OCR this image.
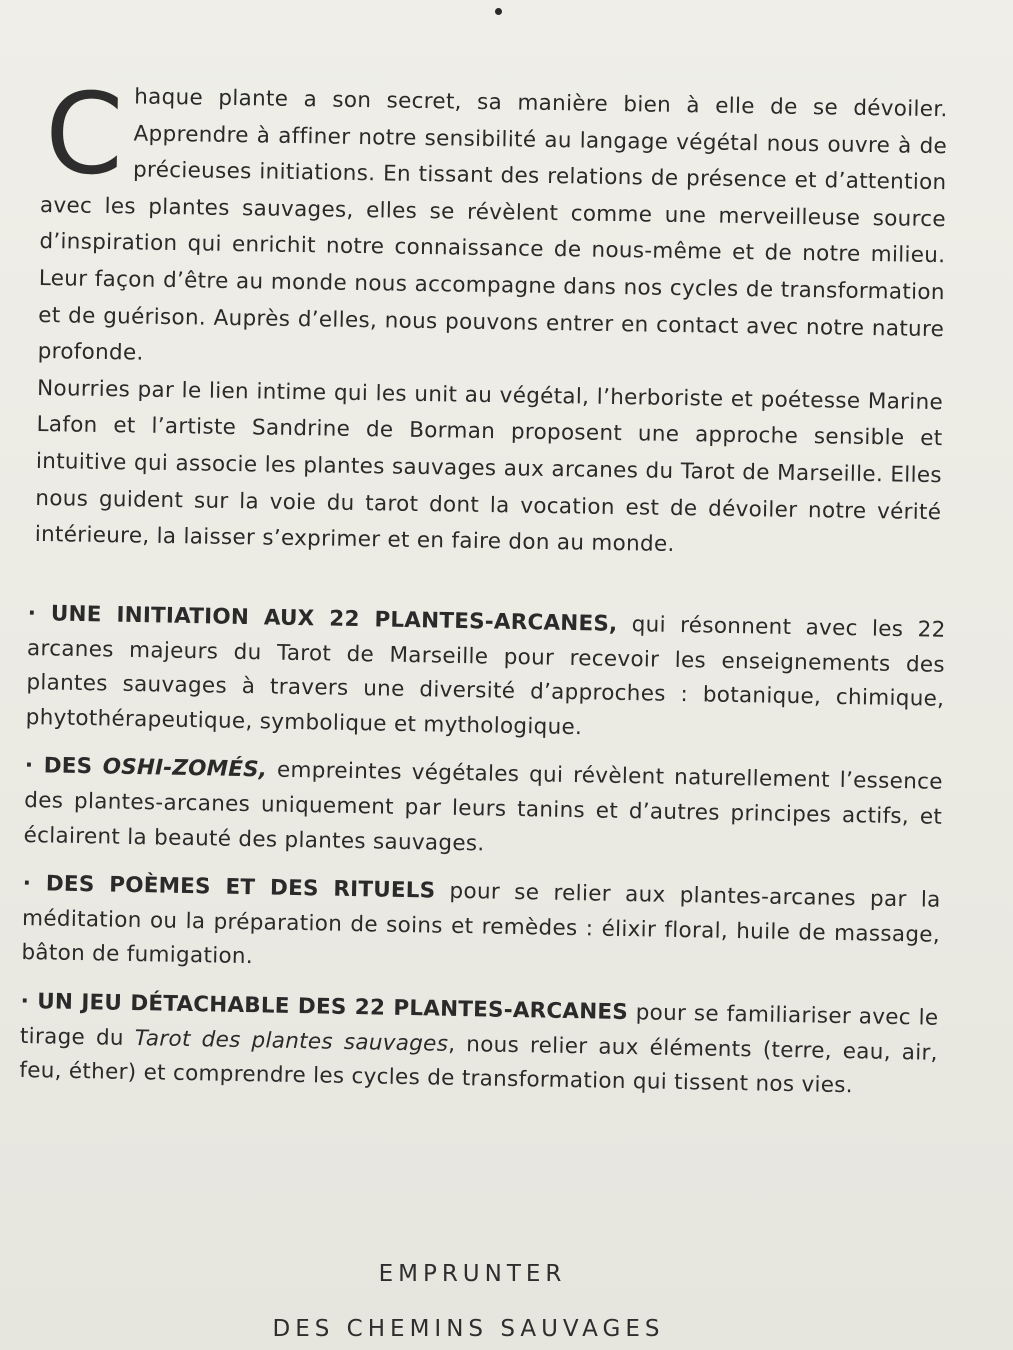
C haque plante a son secret, sa manière bien à elle de se dévoiler. Apprendre à affiner notre sensibilité au langage végétal nous ouvre à de précieuses initiations. En tissant des relations de présence et d’attention avec les plantes sauvages, elles se révèlent comme une merveilleuse source d’inspiration qui enrichit notre connaissance de nous-même et de notre milieu. Leur façon d’être au monde nous accompagne dans nos cycles de transformation et de guérison. Auprès d’elles, nous pouvons entrer en contact avec notre nature profonde.

Nourries par le lien intime qui les unit au végétal, l’herboriste et poétesse Marine Lafon et l’artiste Sandrine de Borman proposent une approche sensible et intuitive qui associe les plantes sauvages aux arcanes du Tarot de Marseille. Elles nous guident sur la voie du tarot dont la vocation est de dévoiler notre vérité intérieure, la laisser s’exprimer et en faire don au monde.

· UNE INITIATION AUX 22 PLANTES-ARCANES, qui résonnent avec les 22 arcanes majeurs du Tarot de Marseille pour recevoir les enseignements des plantes sauvages à travers une diversité d’approches : botanique, chimique, phytothérapeutique, symbolique et mythologique.

· DES OSHI-ZOMÉS, empreintes végétales qui révèlent naturellement l’essence des plantes-arcanes uniquement par leurs tanins et d’autres principes actifs, et éclairent la beauté des plantes sauvages.

· DES POÈMES ET DES RITUELS pour se relier aux plantes-arcanes par la méditation ou la préparation de soins et remèdes : élixir floral, huile de massage, bâton de fumigation.

· UN JEU DÉTACHABLE DES 22 PLANTES-ARCANES pour se familiariser avec le tirage du Tarot des plantes sauvages, nous relier aux éléments (terre, eau, air, feu, éther) et comprendre les cycles de transformation qui tissent nos vies.

EMPRUNTER
DES CHEMINS SAUVAGES
